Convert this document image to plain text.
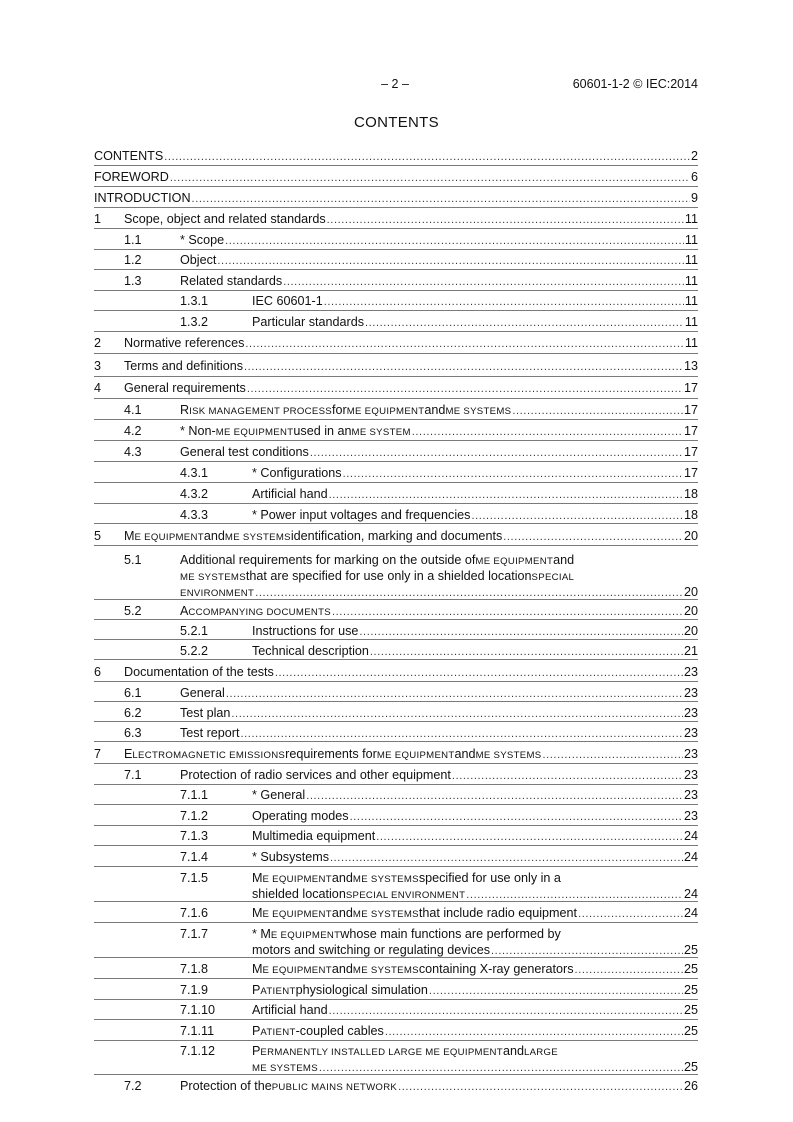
– 2 –	60601-1-2 © IEC:2014
CONTENTS
CONTENTS .....	2
FOREWORD .....	6
INTRODUCTION .....	9
1 Scope, object and related standards .....	11
1.1	* Scope .....	11
1.2	Object .....	11
1.3	Related standards .....	11
1.3.1	IEC 60601-1 .....	11
1.3.2	Particular standards .....	11
2 Normative references .....	11
3 Terms and definitions .....	13
4 General requirements .....	17
4.1	R ISK MANAGEMENT PROCESS for ME EQUIPMENT and ME SYSTEMS .....	17
4.2	* Non- ME EQUIPMENT used in an ME SYSTEM .....	17
4.3	General test conditions .....	17
4.3.1	* Configurations .....	17
4.3.2	Artificial hand .....	18
4.3.3	* Power input voltages and frequencies .....	18
5 M E EQUIPMENT and ME SYSTEMS identification, marking and documents .....	20
5.1	Additional requirements for marking on the outside of ME EQUIPMENT and
ME SYSTEMS that are specified for use only in a shielded location SPECIAL
ENVIRONMENT .....	20
5.2	A CCOMPANYING DOCUMENTS .....	20
5.2.1	Instructions for use .....	20
5.2.2	Technical description .....	21
6 Documentation of the tests .....	23
6.1	General .....	23
6.2	Test plan .....	23
6.3	Test report .....	23
7 E LECTROMAGNETIC EMISSIONS requirements for ME EQUIPMENT and ME SYSTEMS .....	23
7.1	Protection of radio services and other equipment .....	23
7.1.1	* General .....	23
7.1.2	Operating modes .....	23
7.1.3	Multimedia equipment .....	24
7.1.4	* Subsystems .....	24
7.1.5	M E EQUIPMENT and ME SYSTEMS specified for use only in a
shielded location SPECIAL ENVIRONMENT .....	24
7.1.6	M E EQUIPMENT and ME SYSTEMS that include radio equipment .....	24
7.1.7	* M E EQUIPMENT whose main functions are performed by
motors and switching or regulating devices .....	25
7.1.8	M E EQUIPMENT and ME SYSTEMS containing X-ray generators .....	25
7.1.9	P ATIENT physiological simulation .....	25
7.1.10	Artificial hand .....	25
7.1.11	P ATIENT -coupled cables .....	25
7.1.12	P ERMANENTLY INSTALLED LARGE ME EQUIPMENT and LARGE
ME SYSTEMS .....	25
7.2	Protection of the PUBLIC MAINS NETWORK .....	26
